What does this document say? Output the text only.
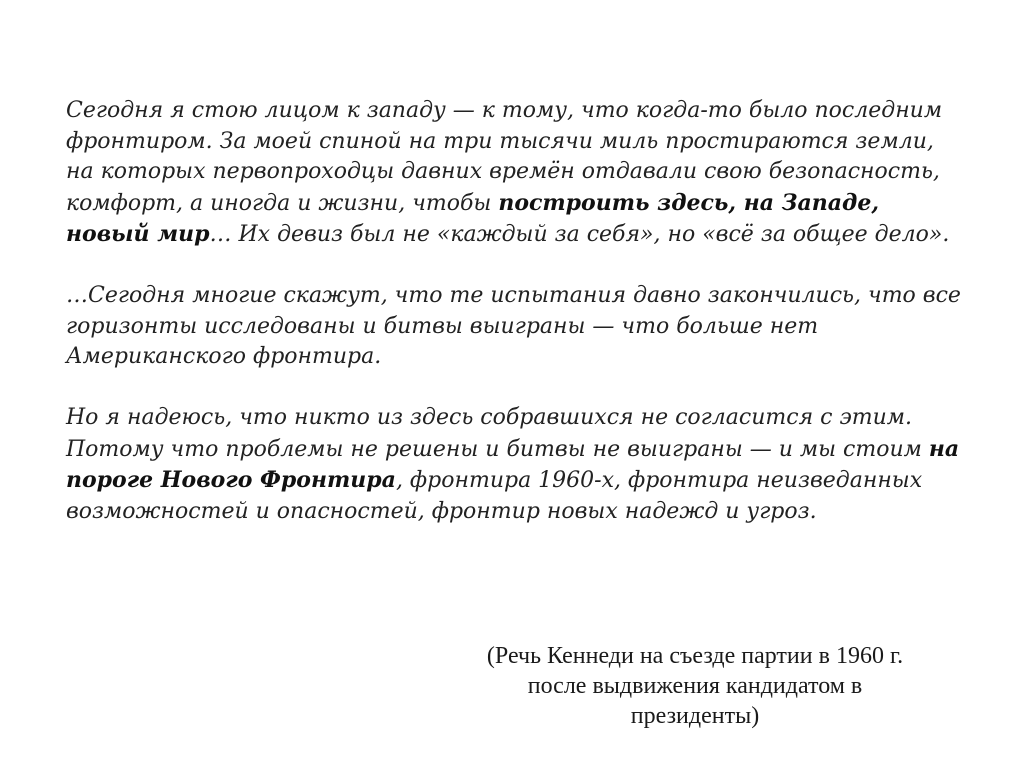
Сегодня я стою лицом к западу — к тому, что когда-то было последним фронтиром. За моей спиной на три тысячи миль простираются земли, на которых первопроходцы давних времён отдавали свою безопасность, комфорт, а иногда и жизни, чтобы построить здесь, на Западе, новый мир… Их девиз был не «каждый за себя», но «всё за общее дело».

…Сегодня многие скажут, что те испытания давно закончились, что все горизонты исследованы и битвы выиграны — что больше нет Американского фронтира.

Но я надеюсь, что никто из здесь собравшихся не согласится с этим. Потому что проблемы не решены и битвы не выиграны — и мы стоим на пороге Нового Фронтира, фронтира 1960-х, фронтира неизведанных возможностей и опасностей, фронтир новых надежд и угроз.

(Речь Кеннеди на съезде партии в 1960 г.
после выдвижения кандидатом в
президенты)
